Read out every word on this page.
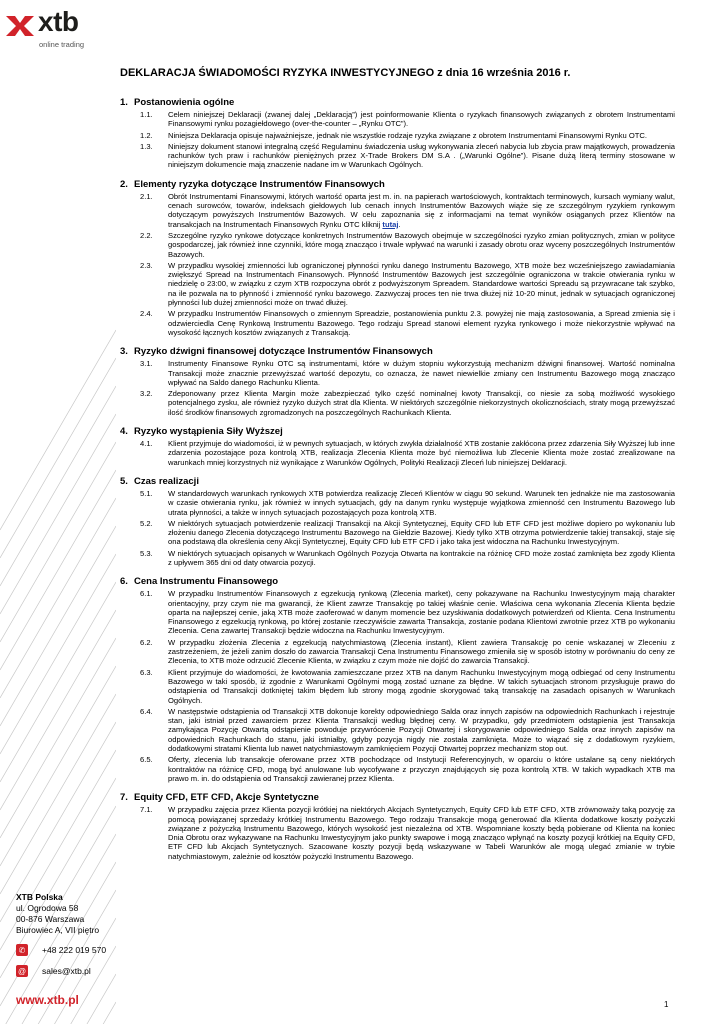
xtb
online trading
XTB Polska
ul. Ogrodowa 58
00-876 Warszawa
Biurowiec A, VII piętro
✆	+48 222 019 570
@ sales@xtb.pl
www.xtb.pl
DEKLARACJA ŚWIADOMOŚCI RYZYKA INWESTYCYJNEGO z dnia 16 września 2016 r.
1. Postanowienia ogólne
1.1.	Celem niniejszej Deklaracji (zwanej dalej „Deklaracją”) jest poinformowanie Klienta o ryzykach finansowych związanych z obrotem Instrumentami Finansowymi rynku pozagiełdowego (over-the-counter – „Rynku OTC”).
1.2.	Niniejsza Deklaracja opisuje najważniejsze, jednak nie wszystkie rodzaje ryzyka związane z obrotem Instrumentami Finansowymi Rynku OTC.
1.3.	Niniejszy dokument stanowi integralną część Regulaminu świadczenia usług wykonywania zleceń nabycia lub zbycia praw majątkowych, prowadzenia rachunków tych praw i rachunków pieniężnych przez X-Trade Brokers DM S.A . („Warunki Ogólne”). Pisane dużą literą terminy stosowane w niniejszym dokumencie mają znaczenie nadane im w Warunkach Ogólnych.
2. Elementy ryzyka dotyczące Instrumentów Finansowych
2.1.	Obrót Instrumentami Finansowymi, których wartość oparta jest m. in. na papierach wartościowych, kontraktach terminowych, kursach wymiany walut, cenach surowców, towarów, indeksach giełdowych lub cenach innych Instrumentów Bazowych wiąże się ze szczególnym ryzykiem rynkowym dotyczącym powyższych Instrumentów Bazowych. W celu zapoznania się z informacjami na temat wyników osiąganych przez Klientów na transakcjach na Instrumentach Finansowych Rynku OTC kliknij tutaj.
2.2.	Szczególne ryzyko rynkowe dotyczące konkretnych Instrumentów Bazowych obejmuje w szczególności ryzyko zmian politycznych, zmian w polityce gospodarczej, jak również inne czynniki, które mogą znacząco i trwale wpływać na warunki i zasady obrotu oraz wyceny poszczególnych Instrumentów Bazowych.
2.3.	W przypadku wysokiej zmienności lub ograniczonej płynności rynku danego Instrumentu Bazowego, XTB może bez wcześniejszego zawiadamiania zwiększyć Spread na Instrumentach Finansowych. Płynność Instrumentów Bazowych jest szczególnie ograniczona w trakcie otwierania rynku w niedzielę o 23:00, w związku z czym XTB rozpoczyna obrót z podwyższonym Spreadem. Standardowe wartości Spreadu są przywracane tak szybko, na ile pozwala na to płynność i zmienność rynku bazowego. Zazwyczaj proces ten nie trwa dłużej niż 10-20 minut, jednak w sytuacjach ograniczonej płynności lub dużej zmienności może on trwać dłużej.
2.4.	W przypadku Instrumentów Finansowych o zmiennym Spreadzie, postanowienia punktu 2.3. powyżej nie mają zastosowania, a Spread zmienia się i odzwierciedla Cenę Rynkową Instrumentu Bazowego. Tego rodzaju Spread stanowi element ryzyka rynkowego i może niekorzystnie wpływać na wysokość łącznych kosztów związanych z Transakcją.
3. Ryzyko dźwigni finansowej dotyczące Instrumentów Finansowych
3.1.	Instrumenty Finansowe Rynku OTC są instrumentami, które w dużym stopniu wykorzystują mechanizm dźwigni finansowej. Wartość nominalna Transakcji może znacznie przewyższać wartość depozytu, co oznacza, że nawet niewielkie zmiany cen Instrumentu Bazowego mogą znacząco wpływać na Saldo danego Rachunku Klienta.
3.2.	Zdeponowany przez Klienta Margin może zabezpieczać tylko część nominalnej kwoty Transakcji, co niesie za sobą możliwość wysokiego potencjalnego zysku, ale również ryzyko dużych strat dla Klienta. W niektórych szczególnie niekorzystnych okolicznościach, straty mogą przewyższać ilość środków finansowych zgromadzonych na poszczególnych Rachunkach Klienta.
4. Ryzyko wystąpienia Siły Wyższej
4.1.	Klient przyjmuje do wiadomości, iż w pewnych sytuacjach, w których zwykła działalność XTB zostanie zakłócona przez zdarzenia Siły Wyższej lub inne zdarzenia pozostające poza kontrolą XTB, realizacja Zlecenia Klienta może być niemożliwa lub Zlecenie Klienta może zostać zrealizowane na warunkach mniej korzystnych niż wynikające z Warunków Ogólnych, Polityki Realizacji Zleceń lub niniejszej Deklaracji.
5. Czas realizacji
5.1.	W standardowych warunkach rynkowych XTB potwierdza realizację Zleceń Klientów w ciągu 90 sekund. Warunek ten jednakże nie ma zastosowania w czasie otwierania rynku, jak również w innych sytuacjach, gdy na danym rynku występuje wyjątkowa zmienność cen Instrumentu Bazowego lub utrata płynności, a także w innych sytuacjach pozostających poza kontrolą XTB.
5.2.	W niektórych sytuacjach potwierdzenie realizacji Transakcji na Akcji Syntetycznej, Equity CFD lub ETF CFD jest możliwe dopiero po wykonaniu lub złożeniu danego Zlecenia dotyczącego Instrumentu Bazowego na Giełdzie Bazowej. Kiedy tylko XTB otrzyma potwierdzenie takiej transakcji, staje się ona podstawą dla określenia ceny Akcji Syntetycznej, Equity CFD lub ETF CFD i jako taka jest widoczna na Rachunku Inwestycyjnym.
5.3.	W niektórych sytuacjach opisanych w Warunkach Ogólnych Pozycja Otwarta na kontrakcie na różnicę CFD może zostać zamknięta bez zgody Klienta z upływem 365 dni od daty otwarcia pozycji.
6. Cena Instrumentu Finansowego
6.1.	W przypadku Instrumentów Finansowych z egzekucją rynkową (Zlecenia market), ceny pokazywane na Rachunku Inwestycyjnym mają charakter orientacyjny, przy czym nie ma gwarancji, że Klient zawrze Transakcję po takiej właśnie cenie. Właściwa cena wykonania Zlecenia Klienta będzie oparta na najlepszej cenie, jaką XTB może zaoferować w danym momencie bez uzyskiwania dodatkowych potwierdzeń od Klienta. Cena Instrumentu Finansowego z egzekucją rynkową, po której zostanie rzeczywiście zawarta Transakcja, zostanie podana Klientowi zwrotnie przez XTB po wykonaniu Zlecenia. Cena zawartej Transakcji będzie widoczna na Rachunku Inwestycyjnym.
6.2.	W przypadku złożenia Zlecenia z egzekucją natychmiastową (Zlecenia instant), Klient zawiera Transakcję po cenie wskazanej w Zleceniu z zastrzeżeniem, że jeżeli zanim doszło do zawarcia Transakcji Cena Instrumentu Finansowego zmieniła się w sposób istotny w porównaniu do ceny ze Zlecenia, to XTB może odrzucić Zlecenie Klienta, w związku z czym może nie dojść do zawarcia Transakcji.
6.3.	Klient przyjmuje do wiadomości, że kwotowania zamieszczane przez XTB na danym Rachunku Inwestycyjnym mogą odbiegać od ceny Instrumentu Bazowego w taki sposób, iż zgodnie z Warunkami Ogólnymi mogą zostać uznane za błędne. W takich sytuacjach stronom przysługuje prawo do odstąpienia od Transakcji dotkniętej takim błędem lub strony mogą zgodnie skorygować taką transakcję na zasadach opisanych w Warunkach Ogólnych.
6.4.	W następstwie odstąpienia od Transakcji XTB dokonuje korekty odpowiedniego Salda oraz innych zapisów na odpowiednich Rachunkach i rejestruje stan, jaki istniał przed zawarciem przez Klienta Transakcji według błędnej ceny. W przypadku, gdy przedmiotem odstąpienia jest Transakcja zamykająca Pozycję Otwartą odstąpienie powoduje przywrócenie Pozycji Otwartej i skorygowanie odpowiedniego Salda oraz innych zapisów na odpowiednich Rachunkach do stanu, jaki istniałby, gdyby pozycja nigdy nie została zamknięta. Może to wiązać się z dodatkowym ryzykiem, dodatkowymi stratami Klienta lub nawet natychmiastowym zamknięciem Pozycji Otwartej poprzez mechanizm stop out.
6.5.	Oferty, zlecenia lub transakcje oferowane przez XTB pochodzące od Instytucji Referencyjnych, w oparciu o które ustalane są ceny niektórych kontraktów na różnicę CFD, mogą być anulowane lub wycofywane z przyczyn znajdujących się poza kontrolą XTB. W takich wypadkach XTB ma prawo m. in. do odstąpienia od Transakcji zawieranej przez Klienta.
7. Equity CFD, ETF CFD, Akcje Syntetyczne
7.1.	W przypadku zajęcia przez Klienta pozycji krótkiej na niektórych Akcjach Syntetycznych, Equity CFD lub ETF CFD, XTB zrównoważy taką pozycję za pomocą powiązanej sprzedaży krótkiej Instrumentu Bazowego. Tego rodzaju Transakcje mogą generować dla Klienta dodatkowe koszty pożyczki związane z pożyczką Instrumentu Bazowego, których wysokość jest niezależna od XTB. Wspomniane koszty będą pobierane od Klienta na koniec Dnia Obrotu oraz wykazywane na Rachunku Inwestycyjnym jako punkty swapowe i mogą znacząco wpłynąć na koszty pozycji krótkiej na Equity CFD, ETF CFD lub Akcjach Syntetycznych. Szacowane koszty pozycji będą wskazywane w Tabeli Warunków ale mogą ulegać zmianie w trybie natychmiastowym, zależnie od kosztów pożyczki Instrumentu Bazowego.
1
